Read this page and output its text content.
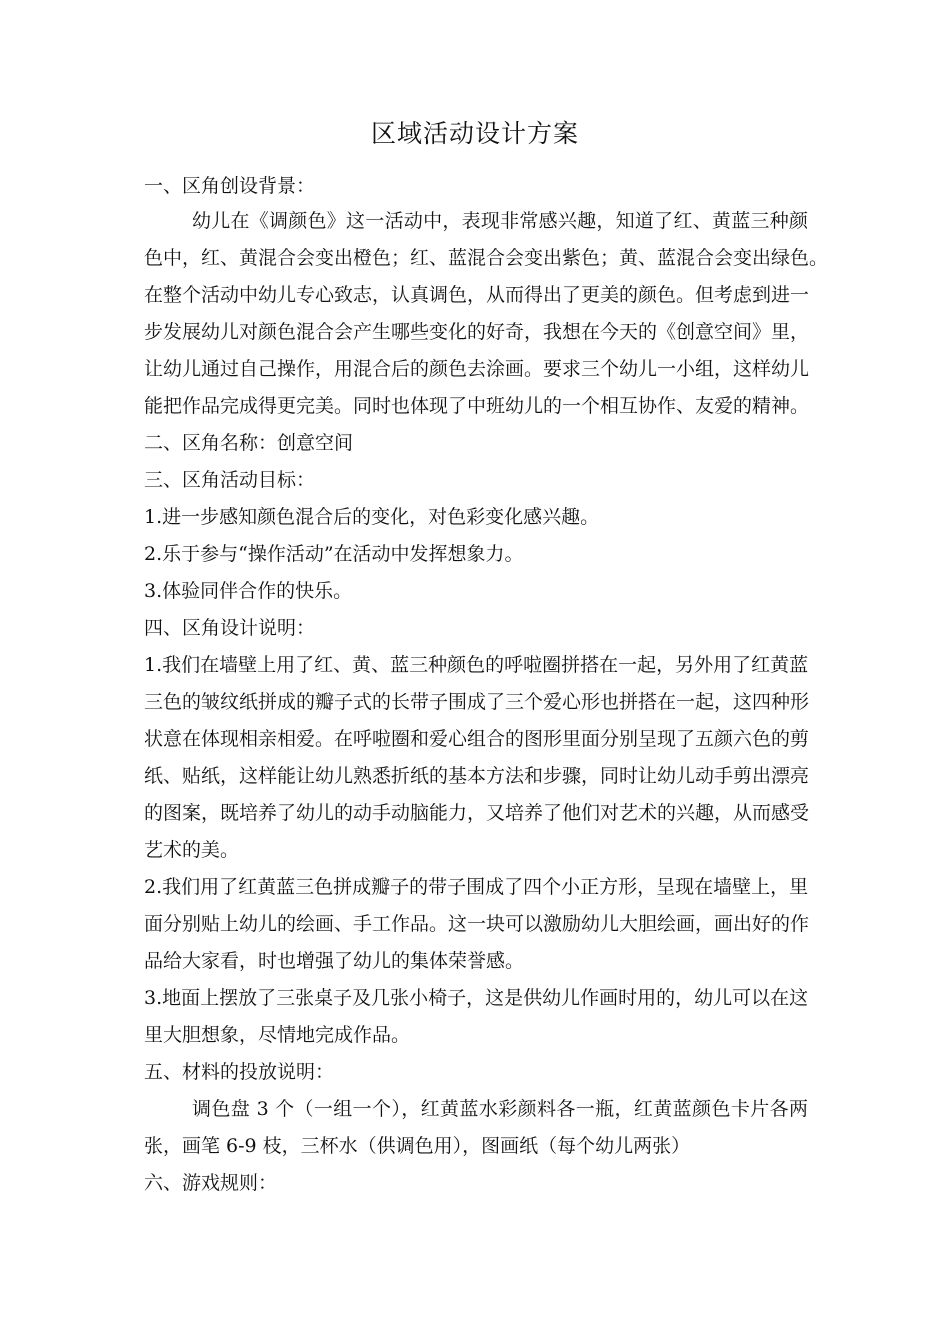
区域活动设计方案
一、区角创设背景：
幼儿在《调颜色》这一活动中，表现非常感兴趣，知道了红、黄蓝三种颜
色中，红、黄混合会变出橙色；红、蓝混合会变出紫色；黄、蓝混合会变出绿色。
在整个活动中幼儿专心致志，认真调色，从而得出了更美的颜色。但考虑到进一
步发展幼儿对颜色混合会产生哪些变化的好奇，我想在今天的《创意空间》里，
让幼儿通过自己操作，用混合后的颜色去涂画。要求三个幼儿一小组，这样幼儿
能把作品完成得更完美。同时也体现了中班幼儿的一个相互协作、友爱的精神。
二、区角名称：创意空间
三、区角活动目标：
1.进一步感知颜色混合后的变化，对色彩变化感兴趣。
2.乐于参与“操作活动”在活动中发挥想象力。
3.体验同伴合作的快乐。
四、区角设计说明：
1.我们在墙壁上用了红、黄、蓝三种颜色的呼啦圈拼搭在一起，另外用了红黄蓝
三色的皱纹纸拼成的瓣子式的长带子围成了三个爱心形也拼搭在一起，这四种形
状意在体现相亲相爱。在呼啦圈和爱心组合的图形里面分别呈现了五颜六色的剪
纸、贴纸，这样能让幼儿熟悉折纸的基本方法和步骤，同时让幼儿动手剪出漂亮
的图案，既培养了幼儿的动手动脑能力，又培养了他们对艺术的兴趣，从而感受
艺术的美。
2.我们用了红黄蓝三色拼成瓣子的带子围成了四个小正方形，呈现在墙壁上，里
面分别贴上幼儿的绘画、手工作品。这一块可以激励幼儿大胆绘画，画出好的作
品给大家看，时也增强了幼儿的集体荣誉感。
3.地面上摆放了三张桌子及几张小椅子，这是供幼儿作画时用的，幼儿可以在这
里大胆想象，尽情地完成作品。
五、材料的投放说明：
调色盘 3 个（一组一个），红黄蓝水彩颜料各一瓶，红黄蓝颜色卡片各两
张，画笔 6-9 枝，三杯水（供调色用），图画纸（每个幼儿两张）
六、游戏规则：
